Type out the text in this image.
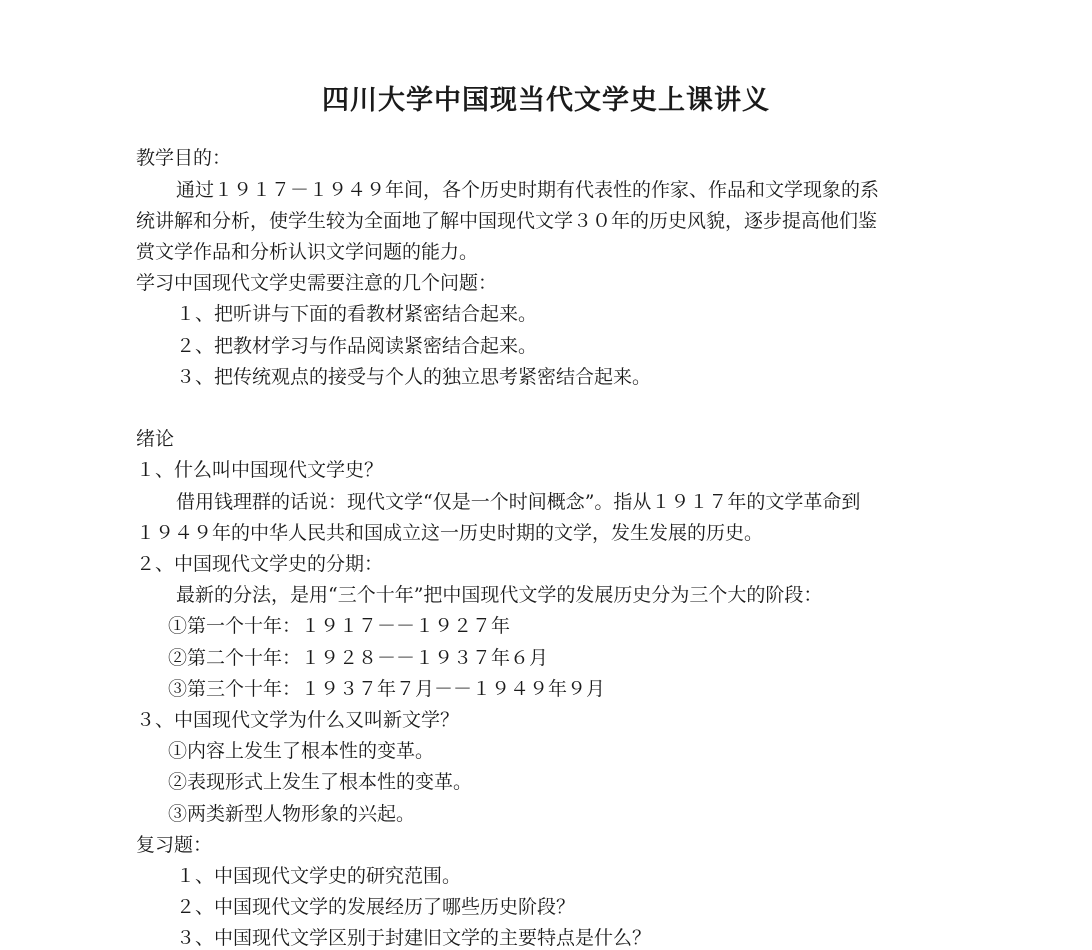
四川大学中国现当代文学史上课讲义
教学目的：
通过１９１７－１９４９年间，各个历史时期有代表性的作家、作品和文学现象的系
统讲解和分析，使学生较为全面地了解中国现代文学３０年的历史风貌，逐步提高他们鉴
赏文学作品和分析认识文学问题的能力。
学习中国现代文学史需要注意的几个问题：
１、把听讲与下面的看教材紧密结合起来。
２、把教材学习与作品阅读紧密结合起来。
３、把传统观点的接受与个人的独立思考紧密结合起来。
绪论
１、什么叫中国现代文学史？
借用钱理群的话说：现代文学“仅是一个时间概念”。指从１９１７年的文学革命到
１９４９年的中华人民共和国成立这一历史时期的文学，发生发展的历史。
２、中国现代文学史的分期：
最新的分法，是用“三个十年”把中国现代文学的发展历史分为三个大的阶段：
①第一个十年：１９１７－－１９２７年
②第二个十年：１９２８－－１９３７年６月
③第三个十年：１９３７年７月－－１９４９年９月
３、中国现代文学为什么又叫新文学？
①内容上发生了根本性的变革。
②表现形式上发生了根本性的变革。
③两类新型人物形象的兴起。
复习题：
１、中国现代文学史的研究范围。
２、中国现代文学的发展经历了哪些历史阶段？
３、中国现代文学区别于封建旧文学的主要特点是什么？
